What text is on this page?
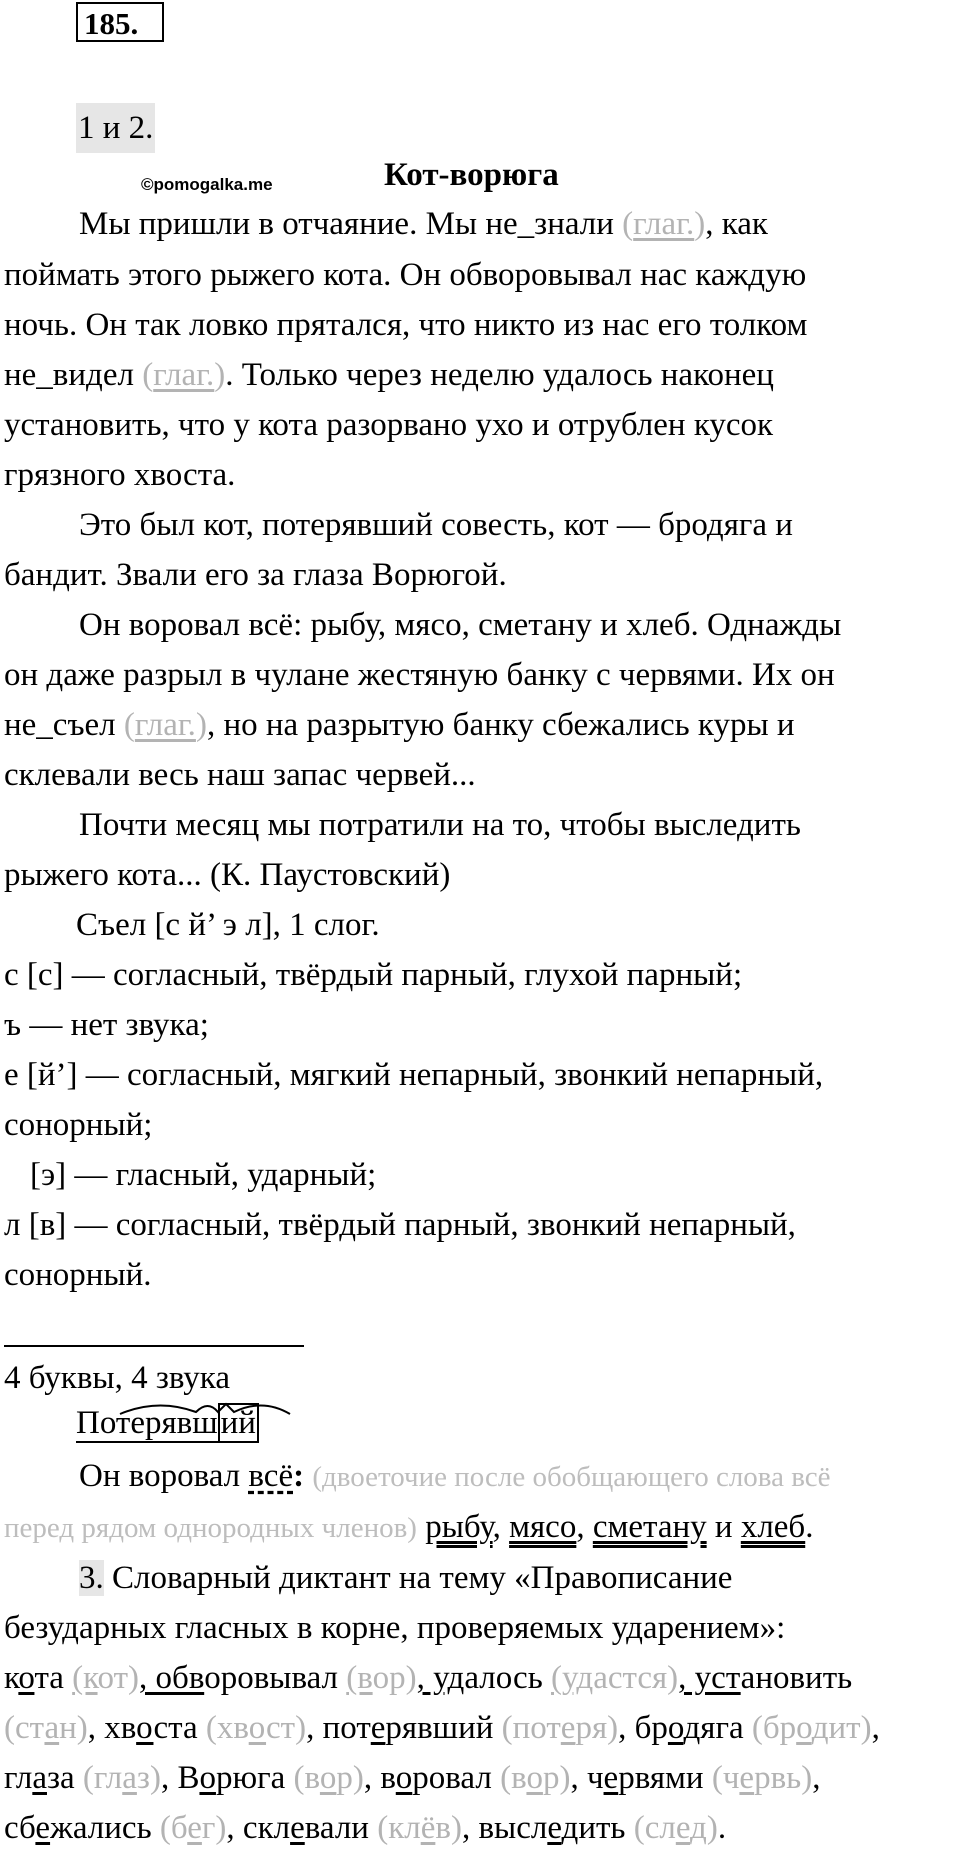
185.
1 и 2.
©pomogalka.me	Кот-ворюга
Мы пришли в отчаяние. Мы не_знали (глаг.), как
поймать этого рыжего кота. Он обворовывал нас каждую
ночь. Он так ловко прятался, что никто из нас его толком
не_видел (глаг.). Только через неделю удалось наконец
установить, что у кота разорвано ухо и отрублен кусок
грязного хвоста.
Это был кот, потерявший совесть, кот — бродяга и
бандит. Звали его за глаза Ворюгой.
Он воровал всё: рыбу, мясо, сметану и хлеб. Однажды
он даже разрыл в чулане жестяную банку с червями. Их он
не_съел (глаг.), но на разрытую банку сбежались куры и
склевали весь наш запас червей...
Почти месяц мы потратили на то, чтобы выследить
рыжего кота... (К. Паустовский)
Съел [с й’ э л], 1 слог.
с [с] — согласный, твёрдый парный, глухой парный;
ъ — нет звука;
е [й’] — согласный, мягкий непарный, звонкий непарный,
сонорный;
[э] — гласный, ударный;
л [в] — согласный, твёрдый парный, звонкий непарный,
сонорный.
4 буквы, 4 звука
Потерявший
Он воровал всё: (двоеточие после обобщающего слова всё
перед рядом однородных членов) рыбу, мясо, сметану и хлеб.
3. Словарный диктант на тему «Правописание
безударных гласных в корне, проверяемых ударением»:
кота (кот), обворовывал (вор), удалось (удастся), установить
(стан), хвоста (хвост), потерявший (потеря), бродяга (бродит),
глаза (глаз), Ворюга (вор), воровал (вор), червями (червь),
сбежались (бег), склевали (клёв), выследить (след).
